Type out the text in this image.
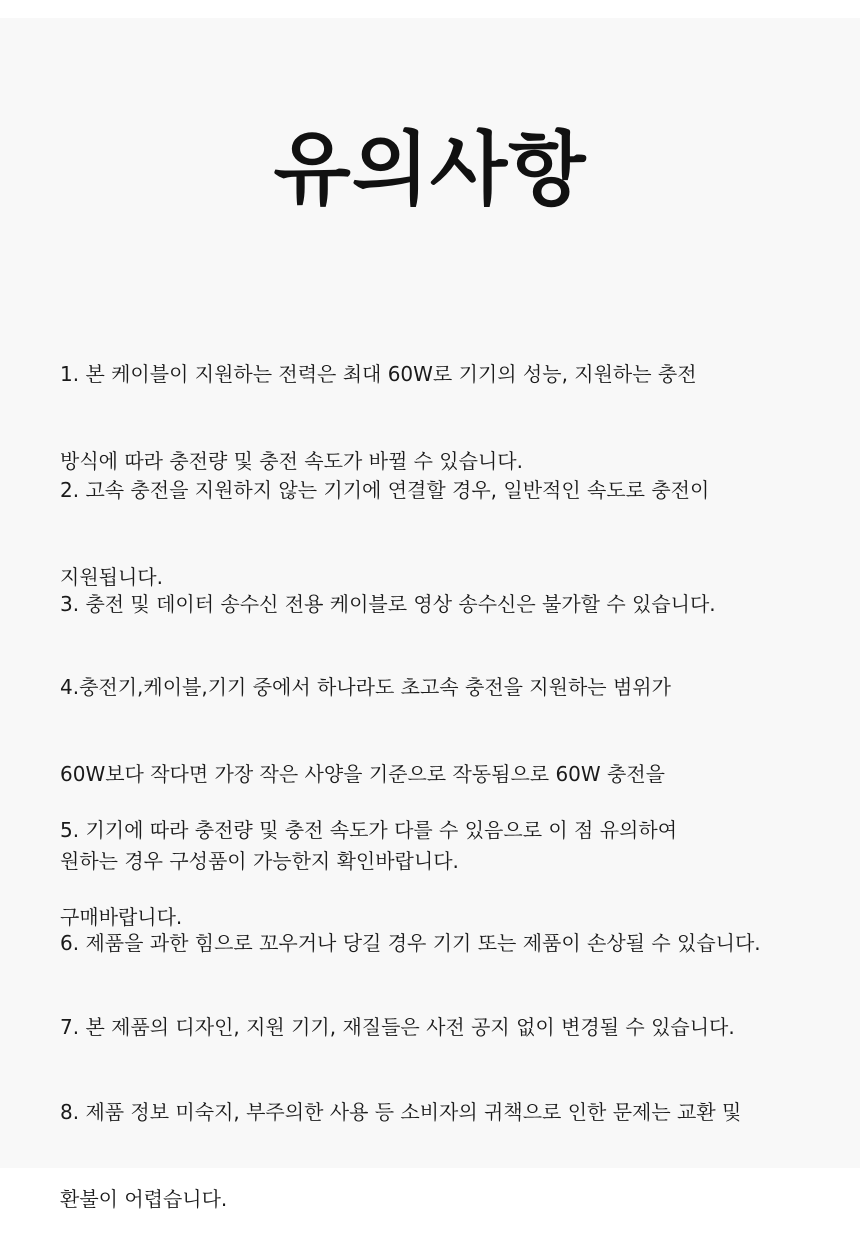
유의사항

1. 본 케이블이 지원하는 전력은 최대 60W로 기기의 성능, 지원하는 충전

방식에 따라 충전량 및 충전 속도가 바뀔 수 있습니다.

2. 고속 충전을 지원하지 않는 기기에 연결할 경우, 일반적인 속도로 충전이

지원됩니다.

3. 충전 및 데이터 송수신 전용 케이블로 영상 송수신은 불가할 수 있습니다.

4.충전기,케이블,기기 중에서 하나라도 초고속 충전을 지원하는 범위가

60W보다 작다면 가장 작은 사양을 기준으로 작동됨으로 60W 충전을

원하는 경우 구성품이 가능한지 확인바랍니다.

5. 기기에 따라 충전량 및 충전 속도가 다를 수 있음으로 이 점 유의하여

구매바랍니다.

6. 제품을 과한 힘으로 꼬우거나 당길 경우 기기 또는 제품이 손상될 수 있습니다.

7. 본 제품의 디자인, 지원 기기, 재질들은 사전 공지 없이 변경될 수 있습니다.

8. 제품 정보 미숙지, 부주의한 사용 등 소비자의 귀책으로 인한 문제는 교환 및

환불이 어렵습니다.
